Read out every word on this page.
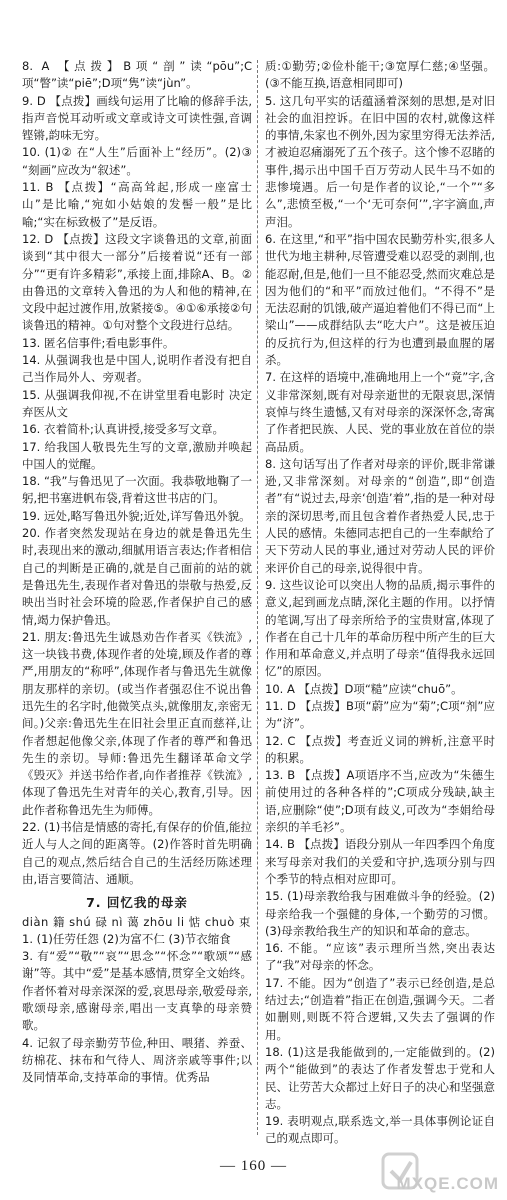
8. A 【点拨】B项“剖”读“pōu”;C项“瞥”读“piē”;D项“隽”读“jùn”。
9. D 【点拨】画线句运用了比喻的修辞手法,指声音悦耳动听或文章或诗文可读性强,音调铿锵,韵味无穷。
10. (1)② 在“人生”后面补上“经历”。(2)③ “刻画”应改为“叙述”。
11. B 【点拨】“高高耸起,形成一座富士山”是比喻,“宛如小姑娘的发髻一般”是比喻;“实在标致极了”是反语。
12. D 【点拨】这段文字谈鲁迅的文章,前面谈到“其中很大一部分”后接着说“还有一部分”“更有许多精彩”,承接上面,排除A、B。②由鲁迅的文章转入鲁迅的为人和他的精神,在文段中起过渡作用,放紧接⑤。④①⑥承接②句谈鲁迅的精神。①句对整个文段进行总结。
13. 匿名信事件;看电影事件。
14. 从强调我也是中国人,说明作者没有把自己当作局外人、旁观者。
15. 从强调我仰视,不在讲堂里看电影时 决定弃医从文
16. 衣着简朴;认真讲授,接受多写文章。
17. 给我国人敬畏先生写的文章,激励并唤起中国人的觉醒。
18. “我”与鲁迅见了一次面。我恭敬地鞠了一躬,把书塞进帆布袋,背着这世书店的门。
19. 远处,略写鲁迅外貌;近处,详写鲁迅外貌。
20. 作者突然发现站在身边的就是鲁迅先生时,表现出来的激动,细腻用语言表达;作者相信自己的判断是正确的,就是自己面前的站的就是鲁迅先生,表现作者对鲁迅的崇敬与热爱,反映出当时社会环境的险恶,作者保护自己的感情,竭力保护鲁迅。
21. 朋友:鲁迅先生诚恳劝告作者买《铁流》,这一块钱书费,体现作者的处境,顾及作者的尊严,用朋友的“称呼”,体现作者与鲁迅先生就像朋友那样的亲切。(或当作者强忍住不说出鲁迅先生的名字时,他微笑点头,就像朋友,亲密无间。)父亲:鲁迅先生在旧社会里正直而慈祥,让作者想起他像父亲,体现了作者的尊严和鲁迅先生的亲切。导师:鲁迅先生翻译革命文学《毁灭》并送书给作者,向作者推荐《铁流》,体现了鲁迅先生对青年的关心,教育,引导。因此作者称鲁迅先生为师傅。
22. (1)书信是情感的寄托,有保存的价值,能拉近人与人之间的距离等。(2)作答时首先明确自己的观点,然后结合自己的生活经历陈述理由,语言要简洁、通顺。
7. 回忆我的母亲
diàn 籍 shú 碌 nì 蔼 zhōu li 惦 chuò 束
1. (1)任劳任怨 (2)为富不仁 (3)节衣缩食
3. 有“爱”“敬”“哀”“思念”“怀念”“歌颂”“感谢”等。其中“爱”是基本感情,贯穿全文始终。作者怀着对母亲深深的爱,哀思母亲,敬爱母亲,歌颂母亲,感谢母亲,唱出一支真挚的母亲赞歌。
4. 记叙了母亲勤劳节俭,种田、喂猪、养蚕、纺棉花、抹布和气待人、周济亲戚等事件;以及同情革命,支持革命的事情。优秀品
质:①勤劳;②俭朴能干;③宽厚仁慈;④坚强。(③不能互换,语意相同即可)
5. 这几句平实的话蕴涵着深刻的思想,是对旧社会的血泪控诉。在旧中国的农村,就像这样的事情,朱家也不例外,因为家里穷得无法养活,才被迫忍痛溺死了五个孩子。这个惨不忍睹的事件,揭示出中国千百万劳动人民牛马不如的悲惨境遇。后一句是作者的议论,“一个”“多么”,悲愤至极,“一个‘无可奈何’”,字字滴血,声声泪。
6. 在这里,“和平”指中国农民勤劳朴实,很多人世代为地主耕种,尽管遭受难以忍受的剥削,也能忍耐,但是,他们一旦不能忍受,然而灾难总是因为他们的“和平”而放过他们。“不得不”是无法忍耐的饥饿,破产逼迫着他们不得已而“上梁山”——成群结队去“吃大户”。这是被压迫的反抗行为,但这样的行为也遭到最血腥的屠杀。
7. 在这样的语境中,准确地用上一个“竟”字,含义非常深刻,既有对母亲逝世的无限哀思,深情哀悼与终生遗憾,又有对母亲的深深怀念,寄寓了作者把民族、人民、党的事业放在首位的崇高品质。
8. 这句话写出了作者对母亲的评价,既非常谦逊,又非常深刻。对母亲的“创造”,即“创造者”有“说过去,母亲‘创造’着”,指的是一种对母亲的深切思考,而且包含着作者热爱人民,忠于人民的感情。朱德同志把自己的一生奉献给了天下劳动人民的事业,通过对劳动人民的评价来评价自己的母亲,说得很中肯。
9. 这些议论可以突出人物的品质,揭示事件的意义,起到画龙点睛,深化主题的作用。以抒情的笔调,写出了母亲所给予的宝贵财富,体现了作者在自己十几年的革命历程中所产生的巨大作用和革命意义,并点明了母亲“值得我永远回忆”的原因。
10. A 【点拨】D项“糙”应读“chuō”。
11. D 【点拨】B项“蔚”应为“菊”;C项“剂”应为“济”。
12. C 【点拨】考查近义词的辨析,注意平时的积累。
13. B 【点拨】A项语序不当,应改为“朱德生前使用过的各种各样的”;C项成分残缺,缺主语,应删除“使”;D项有歧义,可改为“李娟给母亲织的羊毛衫”。
14. B 【点拨】语段分别从一年四季四个角度来写母亲对我们的关爱和守护,选项分别与四个季节的特点相对应即可。
15. (1)母亲教给我与困难做斗争的经验。(2)母亲给我一个强健的身体,一个勤劳的习惯。(3)母亲教给我生产的知识和革命的意志。
16. 不能。“应该”表示理所当然,突出表达了“我”对母亲的怀念。
17. 不能。因为“创造了”表示已经创造,是总结过去;“创造着”指正在创造,强调今天。二者如删则,则既不符合逻辑,又失去了强调的作用。
18. (1)这是我能做到的,一定能做到的。(2)两个“能做到”的表达了作者发誓忠于党和人民、让劳苦大众都过上好日子的决心和坚强意志。
19. 表明观点,联系选文,举一具体事例论证自己的观点即可。
— 160 —
MXQE.COM
